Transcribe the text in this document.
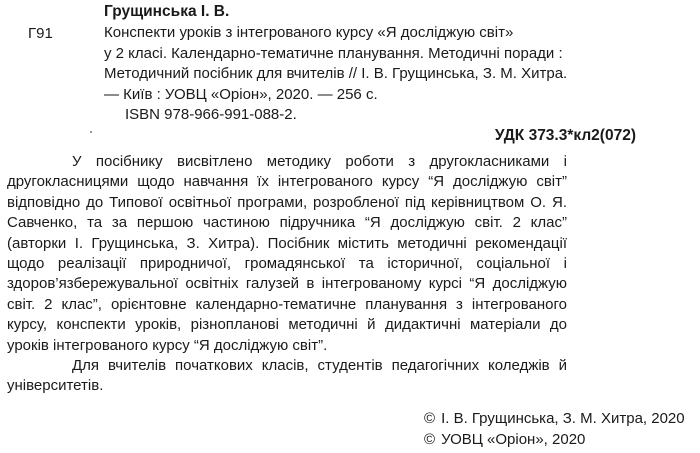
Грущинська І. В.
Г91	Конспекти уроків з інтегрованого курсу «Я досліджую світ»
у 2 класі. Календарно-тематичне планування. Методичні поради :
Методичний посібник для вчителів // І. В. Грущинська, З. М. Хитра.
— Київ : УОВЦ «Оріон», 2020. — 256 с.
ISBN 978-966-991-088-2.
УДК 373.3*кл2(072)

У посібнику висвітлено методику роботи з другокласниками і другокласницями щодо навчання їх інтегрованого курсу “Я досліджую світ” відповідно до Типової освітньої програми, розробленої під керівництвом О. Я. Савченко, та за першою частиною підручника “Я досліджую світ. 2 клас” (авторки І. Грущинська, З. Хитра). Посібник містить методичні рекомендації щодо реалізації природничої, громадянської та історичної, соціальної і здоров’язбережувальної освітніх галузей в інтегрованому курсі “Я досліджую світ. 2 клас”, орієнтовне календарно-тематичне планування з інтегрованого курсу, конспекти уроків, різнопланові методичні й дидактичні матеріали до уроків інтегрованого курсу “Я досліджую світ”.

Для вчителів початкових класів, студентів педагогічних коледжів й університетів.

© І. В. Грущинська, З. М. Хитра, 2020
© УОВЦ «Оріон», 2020
